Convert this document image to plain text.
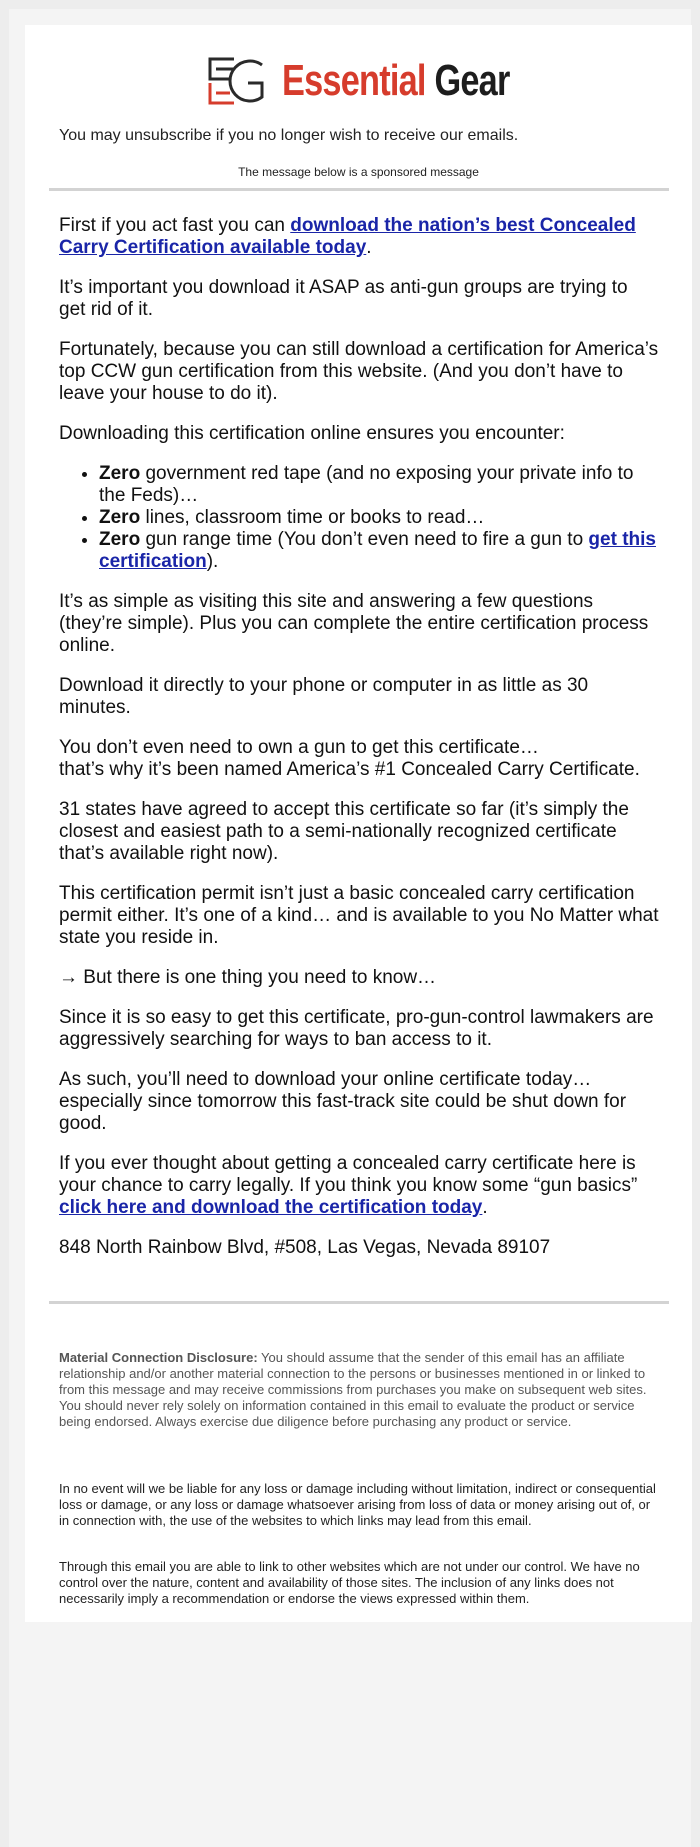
Essential Gear
You may unsubscribe if you no longer wish to receive our emails.
The message below is a sponsored message

First if you act fast you can download the nation’s best Concealed Carry Certification available today.

It’s important you download it ASAP as anti-gun groups are trying to get rid of it.

Fortunately, because you can still download a certification for America’s top CCW gun certification from this website. (And you don’t have to leave your house to do it).

Downloading this certification online ensures you encounter:

• Zero government red tape (and no exposing your private info to the Feds)…
• Zero lines, classroom time or books to read…
• Zero gun range time (You don’t even need to fire a gun to get this certification).

It’s as simple as visiting this site and answering a few questions (they’re simple). Plus you can complete the entire certification process online.

Download it directly to your phone or computer in as little as 30 minutes.

You don’t even need to own a gun to get this certificate…
that’s why it’s been named America’s #1 Concealed Carry Certificate.

31 states have agreed to accept this certificate so far (it’s simply the closest and easiest path to a semi-nationally recognized certificate that’s available right now).

This certification permit isn’t just a basic concealed carry certification permit either. It’s one of a kind… and is available to you No Matter what state you reside in.

→ But there is one thing you need to know…

Since it is so easy to get this certificate, pro-gun-control lawmakers are aggressively searching for ways to ban access to it.

As such, you’ll need to download your online certificate today…
especially since tomorrow this fast-track site could be shut down for good.

If you ever thought about getting a concealed carry certificate here is your chance to carry legally. If you think you know some “gun basics” click here and download the certification today.

848 North Rainbow Blvd, #508, Las Vegas, Nevada 89107

Material Connection Disclosure: You should assume that the sender of this email has an affiliate relationship and/or another material connection to the persons or businesses mentioned in or linked to from this message and may receive commissions from purchases you make on subsequent web sites. You should never rely solely on information contained in this email to evaluate the product or service being endorsed. Always exercise due diligence before purchasing any product or service.
In no event will we be liable for any loss or damage including without limitation, indirect or consequential loss or damage, or any loss or damage whatsoever arising from loss of data or money arising out of, or in connection with, the use of the websites to which links may lead from this email.
Through this email you are able to link to other websites which are not under our control. We have no control over the nature, content and availability of those sites. The inclusion of any links does not necessarily imply a recommendation or endorse the views expressed within them.
